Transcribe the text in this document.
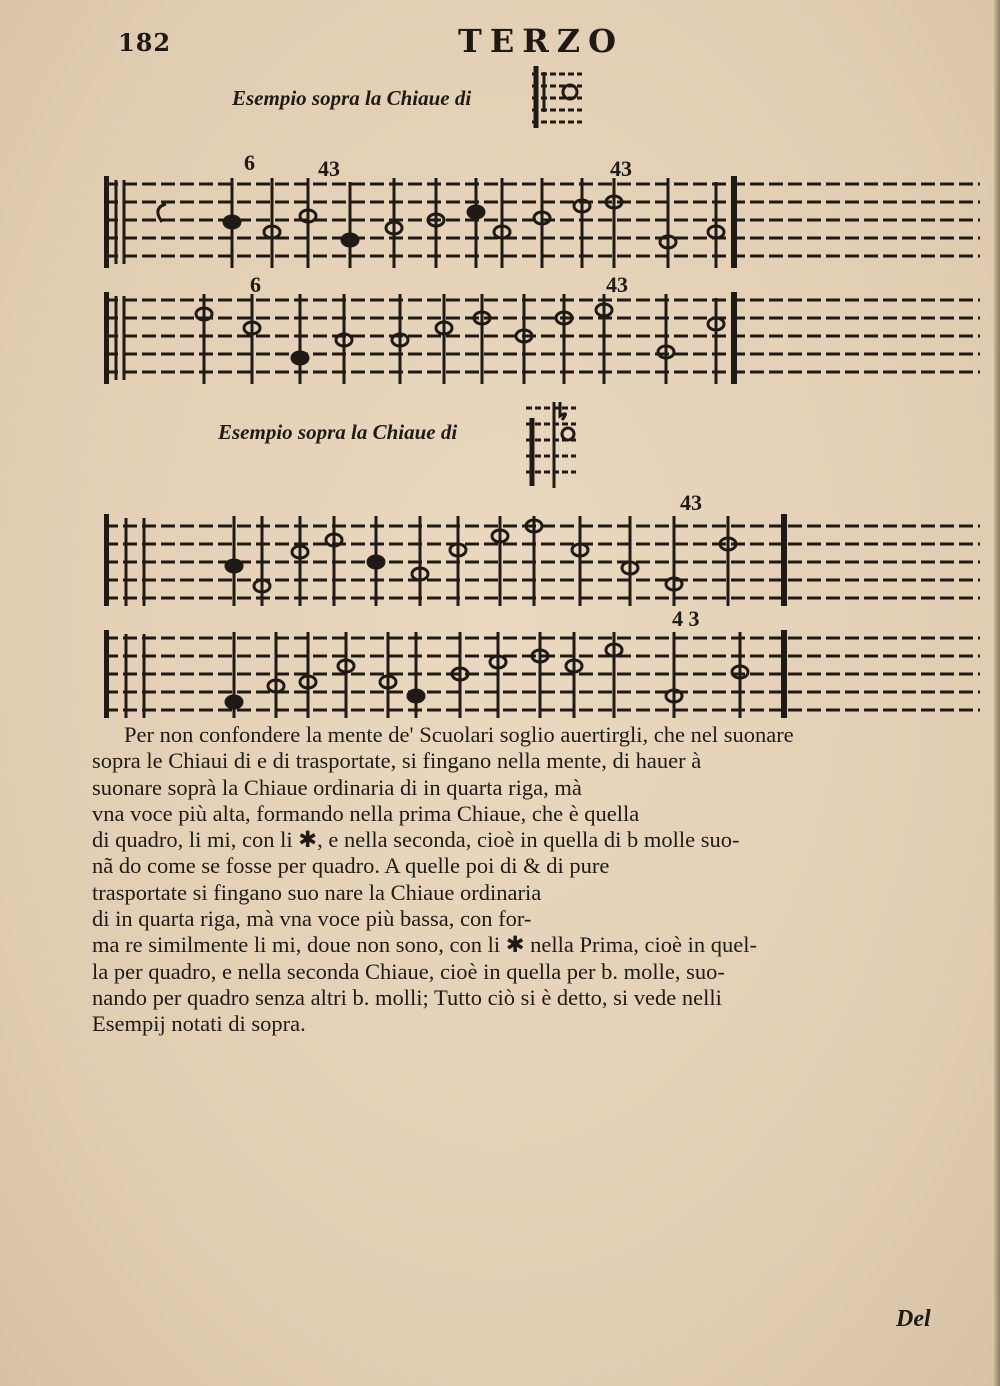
182	TERZO
Esempio sopra la Chiaue di
6	43	43
6	43
Esempio sopra la Chiaue di
43
4 3
Per non confondere la mente de' Scuolari soglio auertirgli, che nel suonare
sopra le Chiaui di e di trasportate, si fingano nella mente, di hauer à
suonare soprà la Chiaue ordinaria di in quarta riga, mà
vna voce più alta, formando nella prima Chiaue, che è quella
di quadro, li mi, con li ✱, e nella seconda, cioè in quella di b molle suo-
nã do come se fosse per quadro. A quelle poi di & di pure
trasportate si fingano suo nare la Chiaue ordinaria
di in quarta riga, mà vna voce più bassa, con for-
ma re similmente li mi, doue non sono, con li ✱ nella Prima, cioè in quel-
la per quadro, e nella seconda Chiaue, cioè in quella per b. molle, suo-
nando per quadro senza altri b. molli; Tutto ciò si è detto, si vede nelli
Esempij notati di sopra.
Del
